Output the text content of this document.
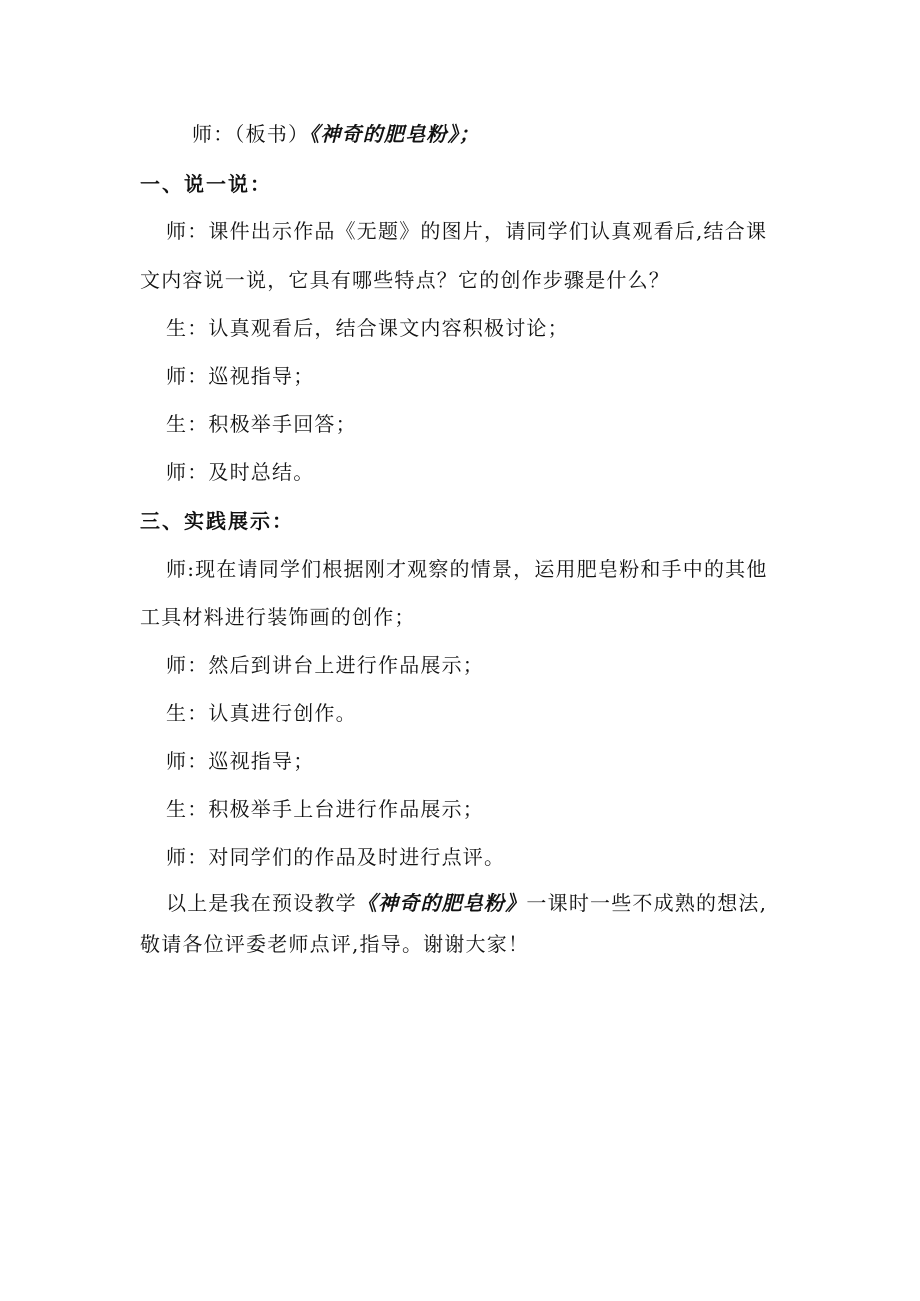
师：（板书）《神奇的肥皂粉》；
一、说一说：
师：课件出示作品《无题》的图片，请同学们认真观看后,结合课
文内容说一说，它具有哪些特点？它的创作步骤是什么？
生：认真观看后，结合课文内容积极讨论；
师：巡视指导；
生：积极举手回答；
师：及时总结。
三、实践展示：
师:现在请同学们根据刚才观察的情景，运用肥皂粉和手中的其他
工具材料进行装饰画的创作；
师：然后到讲台上进行作品展示；
生：认真进行创作。
师：巡视指导；
生：积极举手上台进行作品展示；
师：对同学们的作品及时进行点评。
以上是我在预设教学《神奇的肥皂粉》一课时一些不成熟的想法,
敬请各位评委老师点评,指导。谢谢大家！
